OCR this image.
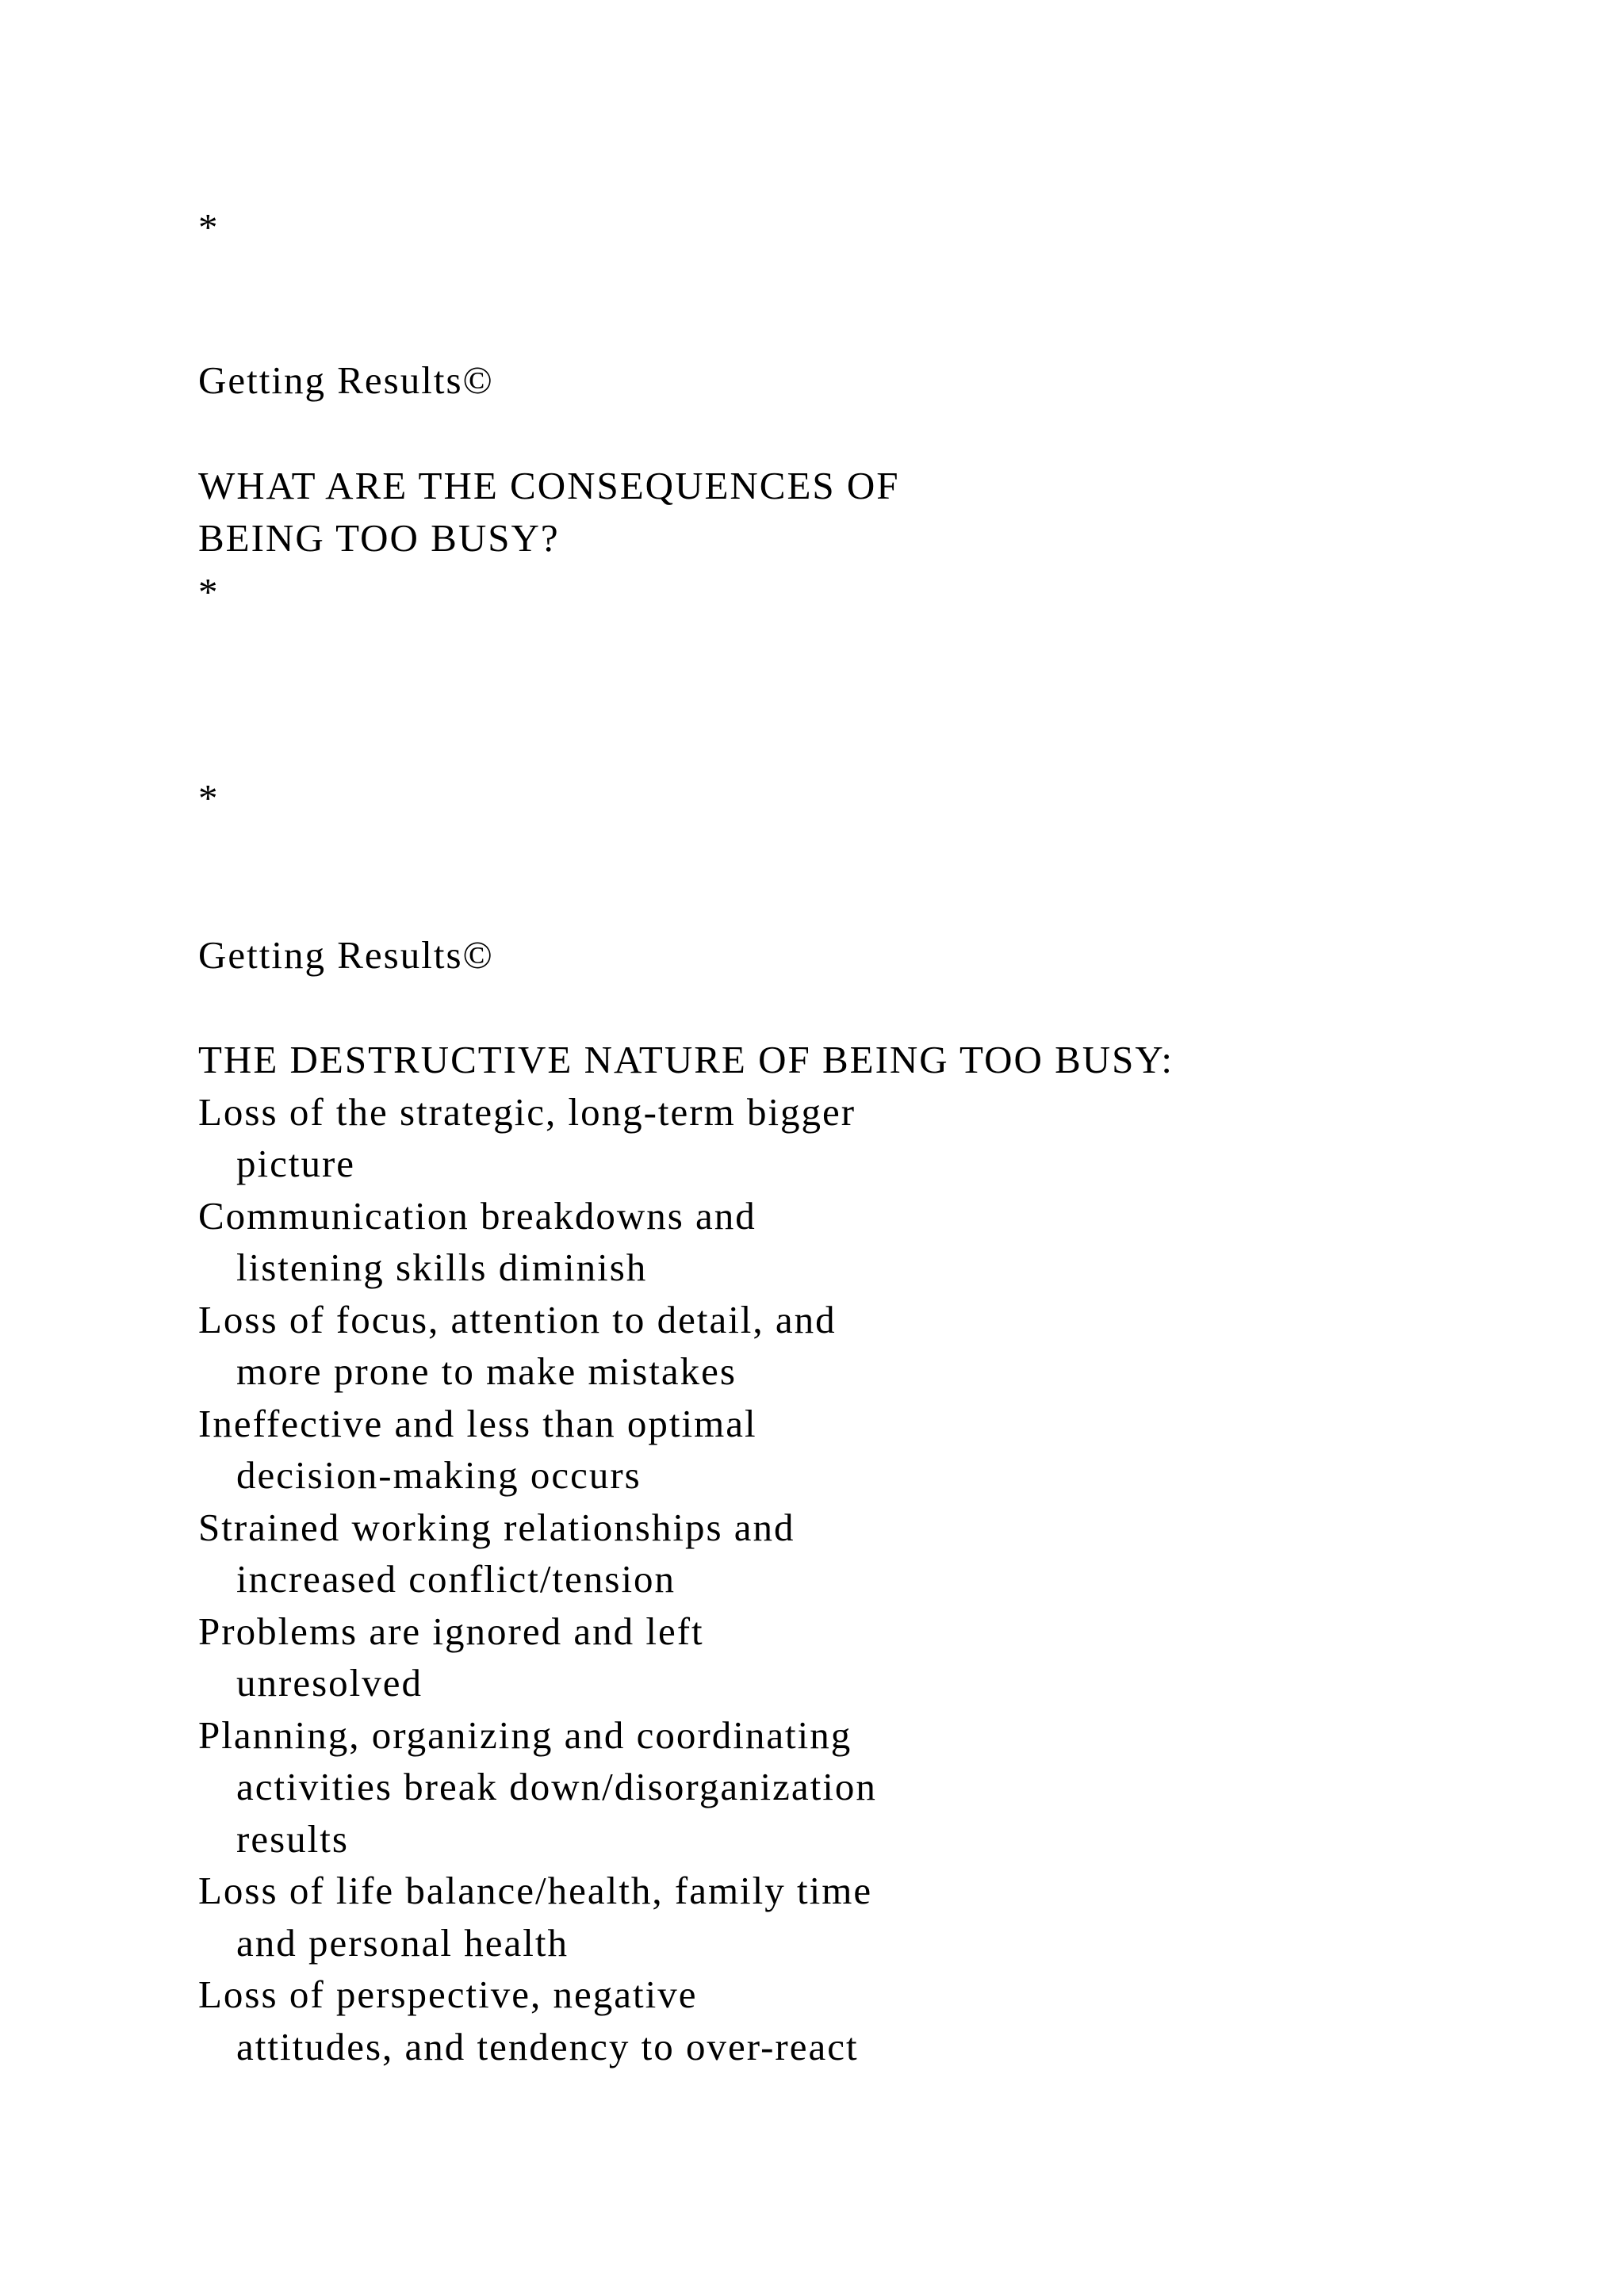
*
Getting Results©
WHAT ARE THE CONSEQUENCES OF
BEING TOO BUSY?
*
*
Getting Results©
THE DESTRUCTIVE NATURE OF BEING TOO BUSY:
Loss of the strategic, long-term bigger
picture
Communication breakdowns and
listening skills diminish
Loss of focus, attention to detail, and
more prone to make mistakes
Ineffective and less than optimal
decision-making occurs
Strained working relationships and
increased conflict/tension
Problems are ignored and left
unresolved
Planning, organizing and coordinating
activities break down/disorganization
results
Loss of life balance/health, family time
and personal health
Loss of perspective, negative
attitudes, and tendency to over-react
